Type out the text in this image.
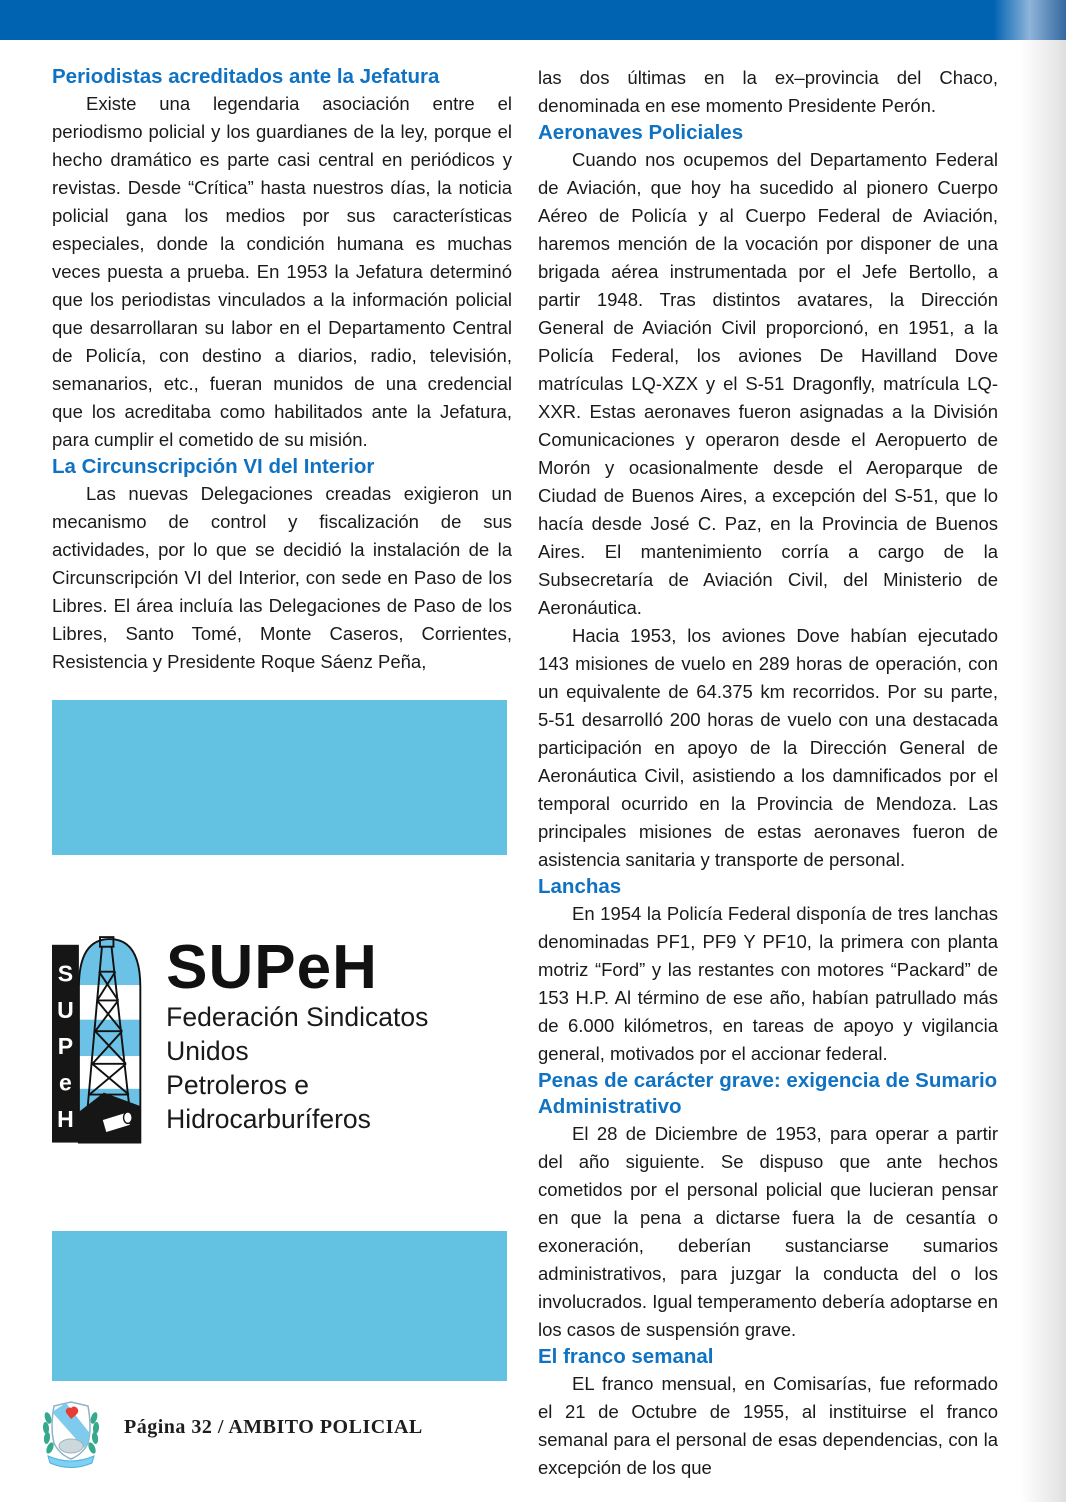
Periodistas acreditados ante la Jefatura

Existe una legendaria asociación entre el periodismo policial y los guardianes de la ley, porque el hecho dramático es parte casi central en periódicos y revistas. Desde “Crítica” hasta nuestros días, la noticia policial gana los medios por sus características especiales, donde la condición humana es muchas veces puesta a prueba. En 1953 la Jefatura determinó que los periodistas vinculados a la información policial que desarrollaran su labor en el Departamento Central de Policía, con destino a diarios, radio, televisión, semanarios, etc., fueran munidos de una credencial que los acreditaba como habilitados ante la Jefatura, para cumplir el cometido de su misión.

La Circunscripción VI del Interior

Las nuevas Delegaciones creadas exigieron un mecanismo de control y fiscalización de sus actividades, por lo que se decidió la instalación de la Circunscripción VI del Interior, con sede en Paso de los Libres. El área incluía las Delegaciones de Paso de los Libres, Santo Tomé, Monte Caseros, Corrientes, Resistencia y Presidente Roque Sáenz Peña,

S
U
P
e
H
SUPeH
Federación Sindicatos Unidos
Petroleros e Hidrocarburíferos

las dos últimas en la ex–provincia del Chaco, denominada en ese momento Presidente Perón.

Aeronaves Policiales

Cuando nos ocupemos del Departamento Federal de Aviación, que hoy ha sucedido al pionero Cuerpo Aéreo de Policía y al Cuerpo Federal de Aviación, haremos mención de la vocación por disponer de una brigada aérea instrumentada por el Jefe Bertollo, a partir 1948. Tras distintos avatares, la Dirección General de Aviación Civil proporcionó, en 1951, a la Policía Federal, los aviones De Havilland Dove matrículas LQ-XZX y el S-51 Dragonfly, matrícula LQ-XXR. Estas aeronaves fueron asignadas a la División Comunicaciones y operaron desde el Aeropuerto de Morón y ocasionalmente desde el Aeroparque de Ciudad de Buenos Aires, a excepción del S-51, que lo hacía desde José C. Paz, en la Provincia de Buenos Aires. El mantenimiento corría a cargo de la Subsecretaría de Aviación Civil, del Ministerio de Aeronáutica.

Hacia 1953, los aviones Dove habían ejecutado 143 misiones de vuelo en 289 horas de operación, con un equivalente de 64.375 km recorridos. Por su parte, 5-51 desarrolló 200 horas de vuelo con una destacada participación en apoyo de la Dirección General de Aeronáutica Civil, asistiendo a los damnificados por el temporal ocurrido en la Provincia de Mendoza. Las principales misiones de estas aeronaves fueron de asistencia sanitaria y transporte de personal.

Lanchas

En 1954 la Policía Federal disponía de tres lanchas denominadas PF1, PF9 Y PF10, la primera con planta motriz “Ford” y las restantes con motores “Packard” de 153 H.P. Al término de ese año, habían patrullado más de 6.000 kilómetros, en tareas de apoyo y vigilancia general, motivados por el accionar federal.

Penas de carácter grave: exigencia de Sumario Administrativo

El 28 de Diciembre de 1953, para operar a partir del año siguiente. Se dispuso que ante hechos cometidos por el personal policial que lucieran pensar en que la pena a dictarse fuera la de cesantía o exoneración, deberían sustanciarse sumarios administrativos, para juzgar la conducta del o los involucrados. Igual temperamento debería adoptarse en los casos de suspensión grave.

El franco semanal

EL franco mensual, en Comisarías, fue reformado el 21 de Octubre de 1955, al instituirse el franco semanal para el personal de esas dependencias, con la excepción de los que

Página 32 / AMBITO POLICIAL
